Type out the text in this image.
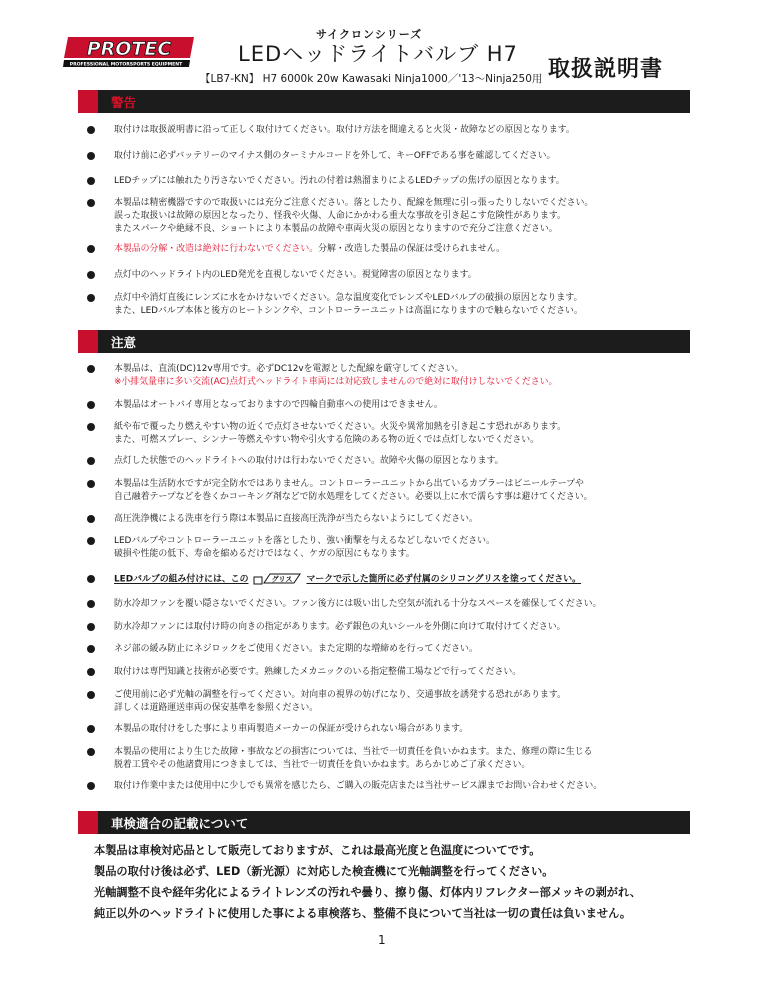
PROTEC
PROFESSIONAL MOTORSPORTS EQUIPMENT
サイクロンシリーズ
LEDヘッドライトバルブ H7
【LB7-KN】 H7 6000k 20w Kawasaki Ninja1000／'13～Ninja250用 取扱説明書
警告
取付けは取扱説明書に沿って正しく取付けてください。取付け方法を間違えると火災・故障などの原因となります。
取付け前に必ずバッテリーのマイナス側のターミナルコードを外して、キーOFFである事を確認してください。
LEDチップには触れたり汚さないでください。汚れの付着は熱溜まりによるLEDチップの焦げの原因となります。
本製品は精密機器ですので取扱いには充分ご注意ください。落としたり、配線を無理に引っ張ったりしないでください。
誤った取扱いは故障の原因となったり、怪我や火傷、人命にかかわる重大な事故を引き起こす危険性があります。
またスパークや絶縁不良、ショートにより本製品の故障や車両火災の原因となりますので充分ご注意ください。
本製品の分解・改造は絶対に行わないでください。分解・改造した製品の保証は受けられません。
点灯中のヘッドライト内のLED発光を直視しないでください。視覚障害の原因となります。
点灯中や消灯直後にレンズに水をかけないでください。急な温度変化でレンズやLEDバルブの破損の原因となります。
また、LEDバルブ本体と後方のヒートシンクや、コントローラーユニットは高温になりますので触らないでください。
注意
本製品は、直流(DC)12v専用です。必ずDC12vを電源とした配線を厳守してください。
※小排気量車に多い交流(AC)点灯式ヘッドライト車両には対応致しませんので絶対に取付けしないでください。
本製品はオートバイ専用となっておりますので四輪自動車への使用はできません。
紙や布で覆ったり燃えやすい物の近くで点灯させないでください。火災や異常加熱を引き起こす恐れがあります。
また、可燃スプレー、シンナー等燃えやすい物や引火する危険のある物の近くでは点灯しないでください。
点灯した状態でのヘッドライトへの取付けは行わないでください。故障や火傷の原因となります。
本製品は生活防水ですが完全防水ではありません。コントローラーユニットから出ているカプラーはビニールテープや
自己融着テープなどを巻くかコーキング剤などで防水処理をしてください。必要以上に水で濡らす事は避けてください。
高圧洗浄機による洗車を行う際は本製品に直接高圧洗浄が当たらないようにしてください。
LEDバルブやコントローラーユニットを落としたり、強い衝撃を与えるなどしないでください。
破損や性能の低下、寿命を縮めるだけではなく、ケガの原因にもなります。
LEDバルブの組み付けには、この	グリス マークで示した箇所に必ず付属のシリコングリスを塗ってください。
防水冷却ファンを覆い隠さないでください。ファン後方には吸い出した空気が流れる十分なスペースを確保してください。
防水冷却ファンには取付け時の向きの指定があります。必ず銀色の丸いシールを外側に向けて取付けてください。
ネジ部の緩み防止にネジロックをご使用ください。また定期的な増締めを行ってください。
取付けは専門知識と技術が必要です。熟練したメカニックのいる指定整備工場などで行ってください。
ご使用前に必ず光軸の調整を行ってください。対向車の視界の妨げになり、交通事故を誘発する恐れがあります。
詳しくは道路運送車両の保安基準を参照ください。
本製品の取付けをした事により車両製造メーカーの保証が受けられない場合があります。
本製品の使用により生じた故障・事故などの損害については、当社で一切責任を負いかねます。また、修理の際に生じる
脱着工賃やその他諸費用につきましては、当社で一切責任を負いかねます。あらかじめご了承ください。
取付け作業中または使用中に少しでも異常を感じたら、ご購入の販売店または当社サービス課までお問い合わせください。
車検適合の記載について
本製品は車検対応品として販売しておりますが、これは最高光度と色温度についてです。
製品の取付け後は必ず、LED（新光源）に対応した検査機にて光軸調整を行ってください。
光軸調整不良や経年劣化によるライトレンズの汚れや曇り、擦り傷、灯体内リフレクター部メッキの剥がれ、
純正以外のヘッドライトに使用した事による車検落ち、整備不良について当社は一切の責任は負いません。
1
